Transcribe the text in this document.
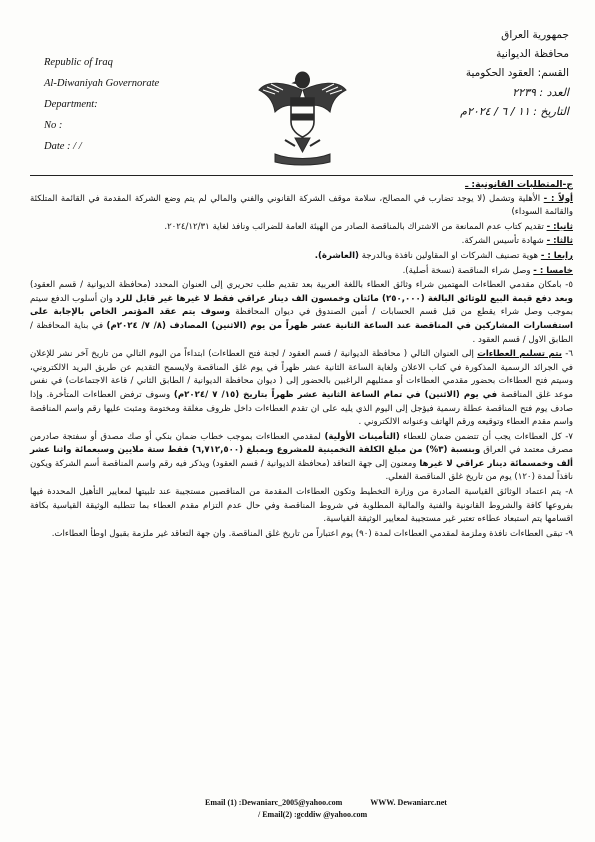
Republic of Iraq
Al-Diwaniyah Governorate
Department:
No :
Date : / /
جمهورية العراق
محافظة الديوانية
القسم: العقود الحكومية
العدد : ٢٢٣٩
التاريخ : ١١ / ٦ / ٢٠٢٤م

ج-المتطلبات القانونية: ـ

أولاً : - الأهلية وتشمل (لا يوجد تضارب في المصالح، سلامة موقف الشركة القانوني والفني والمالي لم يتم وضع الشركة المقدمة في القائمة المتلكئة والقائمة السوداء)

ثانيا: - تقديم كتاب عدم الممانعة من الاشتراك بالمناقصة الصادر من الهيئة العامة للضرائب ونافذ لغاية ٢٠٢٤/١٢/٣١.

ثالثا: - شهادة تأسيس الشركة.

رابعا : - هوية تصنيف الشركات او المقاولين نافذة وبالدرجة (العاشرة).

خامسا : - وصل شراء المناقصة (نسخة أصلية).

٥- بامكان مقدمي العطاءات المهتمين شراء وثائق العطاء باللغة العربية بعد تقديم طلب تحريري إلى العنوان المحدد (محافظة الديوانية / قسم العقود) وبعد دفع قيمة البيع للوثائق البالغة (٢٥٠,٠٠٠) مائتان وخمسون الف دينار عراقي فقط لا غيرها غير قابل للرد وان أسلوب الدفع سيتم بموجب وصل شراء يقطع من قبل قسم الحسابات / أمين الصندوق في ديوان المحافظة وسوف يتم عقد المؤتمر الخاص بالإجابة على استفسارات المشاركين في المناقصة عند الساعة الثانية عشر ظهراً من يوم (الاثنين) المصادف (٨/ ٧/ ٢٠٢٤م) في بناية المحافظة / الطابق الاول / قسم العقود .

٦- يتم تسليم العطاءات إلى العنوان التالي ( محافظة الديوانية / قسم العقود / لجنة فتح العطاءات) ابتداءاً من اليوم التالي من تاريخ آخر نشر للإعلان في الجرائد الرسمية المذكورة في كتاب الاعلان ولغاية الساعة الثانية عشر ظهراً في يوم غلق المناقصة ولايسمح التقديم عن طريق البريد الالكتروني، وسيتم فتح العطاءات بحضور مقدمي العطاءات أو ممثليهم الراغبين بالحضور إلى ( ديوان محافظة الديوانية / الطابق الثاني / قاعة الاجتماعات) في نفس موعد غلق المناقصة في يوم (الاثنين) في تمام الساعة الثانية عشر ظهراً بتاريخ (١٥/ ٧ /٢٠٢٤م) وسوف ترفض العطاءات المتأخرة. وإذا صادف يوم فتح المناقصة عطلة رسمية فيؤجل إلى اليوم الذي يليه على ان تقدم العطاءات داخل ظروف مغلقة ومختومة ومثبت عليها رقم واسم المناقصة واسم مقدم العطاء وتوقيعه ورقم الهاتف وعنوانه الالكتروني .

٧- كل العطاءات يجب أن تتضمن ضمان للعطاء (التأمينات الأولية) لمقدمي العطاءات بموجب خطاب ضمان بنكي أو صك مصدق أو سفتجة صادرمن مصرف معتمد في العراق وبنسبة (٣%) من مبلغ الكلفة التخمينية للمشروع ويمبلغ (٦,٧١٢,٥٠٠) فقط ستة ملايين وسبعمائة واثنا عشر ألف وخمسمائة دينار عراقي لا غيرها ومعنون إلى جهة التعاقد (محافظة الديوانية / قسم العقود) ويذكر فيه رقم واسم المناقصة أسم الشركة ويكون نافذاً لمدة (١٢٠) يوم من تاريخ غلق المناقصة الفعلي.

٨- يتم اعتماد الوثائق القياسية الصادرة من وزارة التخطيط وتكون العطاءات المقدمة من المناقصين مستجيبة عند تلبيتها لمعايير التأهيل المحددة فيها بفروعها كافة والشروط القانونية والفنية والمالية المطلوبة في شروط المناقصة وفي حال عدم التزام مقدم العطاء بما تتطلبه الوثيقة القياسية بكافة اقسامها يتم استبعاد عطاءه تعتبر غير مستجيبة لمعايير الوثيقة القياسية.

٩- تبقى العطاءات نافذة وملزمة لمقدمي العطاءات لمدة (٩٠) يوم اعتباراً من تاريخ غلق المناقصة. وان جهة التعاقد غير ملزمة بقبول اوطأ العطاءات.

Email (1) :Dewaniarc_2005@yahoo.com	WWW. Dewaniarc.net
/ Email(2) :gcddiw @yahoo.com
